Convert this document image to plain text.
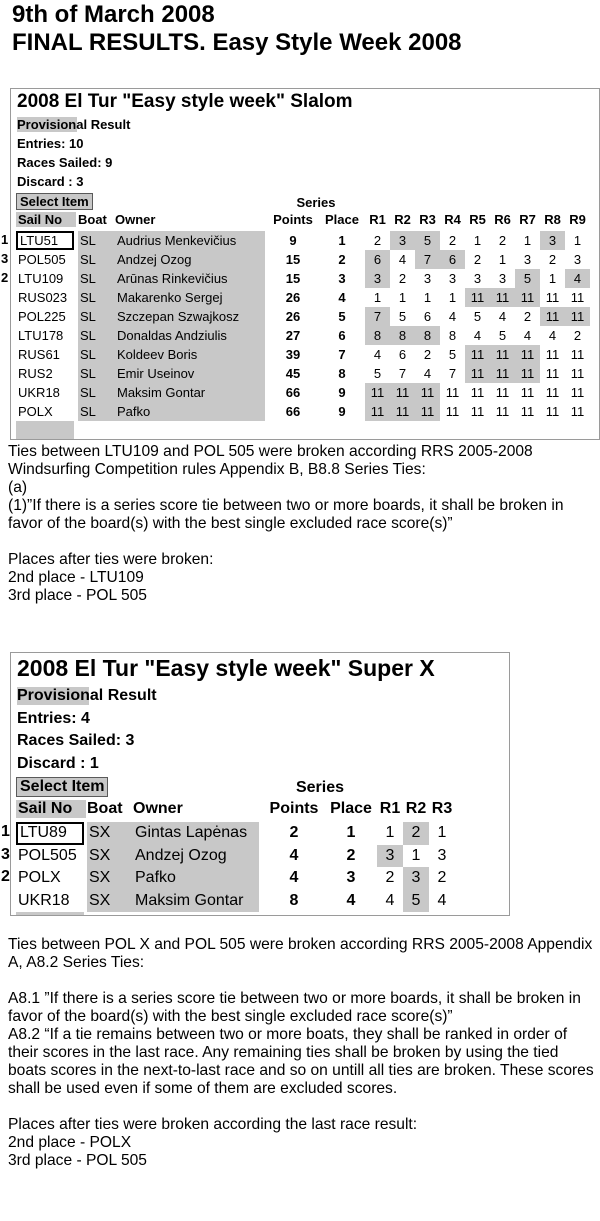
9th of March 2008
FINAL RESULTS. Easy Style Week 2008
2008 El Tur "Easy style week" Slalom
Provisional Result
Entries: 10
Races Sailed: 9
Discard : 3
Select Item	Series
Sail No	Boat Owner	Points Place R1 R2 R3 R4 R5 R6 R7 R8 R9
LTU51	SL	Audrius Menkevičius	9	1	2	3	5	2	1	2	1	3	1
POL505	SL	Andzej Ozog	15	2	6	4	7	6	2	1	3	2	3
LTU109	SL	Arūnas Rinkevičius	15	3	3	2	3	3	3	3	5	1	4
RUS023 SL	Makarenko Sergej	26	4	1	1	1	1	11 11 11 11 11
POL225	SL	Szczepan Szwajkosz	26	5	7	5	6	4	5	4	2	11 11
LTU178	SL	Donaldas Andziulis	27	6	8	8	8	8	4	5	4	4	2
RUS61	SL	Koldeev Boris	39	7	4	6	2	5	11 11 11 11 11
RUS2	SL	Emir Useinov	45	8	5	7	4	7	11 11 11 11 11
UKR18	SL	Maksim Gontar	66	9	11 11 11 11 11 11 11 11 11
POLX	SL	Pafko	66	9	11 11 11 11 11 11 11 11 11

Ties between LTU109 and POL 505 were broken according RRS 2005-2008 Windsurfing Competition rules Appendix B, B8.8 Series Ties:

(a)

(1)”If there is a series score tie between two or more boards, it shall be broken in favor of the board(s) with the best single excluded race score(s)”

Places after ties were broken:

2nd place - LTU109

3rd place - POL 505

2008 El Tur "Easy style week" Super X
Provisional Result
Entries: 4
Races Sailed: 3
Discard : 1
Select Item	Series
Sail No Boat Owner	Points Place R1 R2 R3
LTU89	SX	Gintas Lapėnas	2	1	1	2	1
POL505 SX	Andzej Ozog	4	2	3	1	3
POLX	SX	Pafko	4	3	2	3	2
UKR18	SX	Maksim Gontar	8	4	4	5	4

Ties between POL X and POL 505 were broken according RRS 2005-2008 Appendix A, A8.2 Series Ties:

A8.1 ”If there is a series score tie between two or more boards, it shall be broken in favor of the board(s) with the best single excluded race score(s)”

A8.2 “If a tie remains between two or more boats, they shall be ranked in order of their scores in the last race. Any remaining ties shall be broken by using the tied boats scores in the next-to-last race and so on untill all ties are broken. These scores shall be used even if some of them are excluded scores.

Places after ties were broken according the last race result:

2nd place - POLX

3rd place - POL 505

1
3
2
1
3
2
